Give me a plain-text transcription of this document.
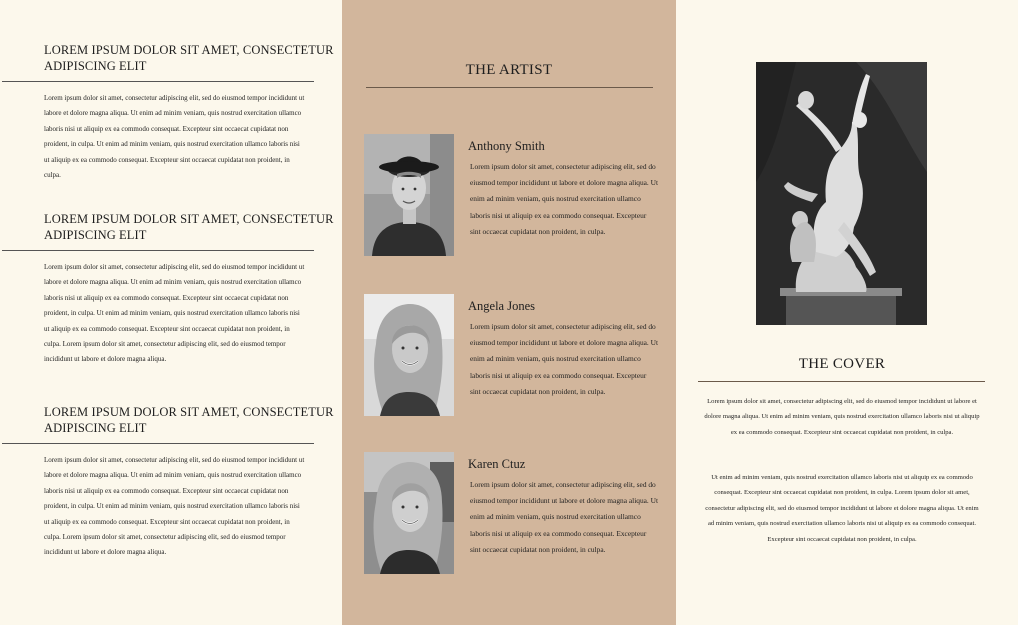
LOREM IPSUM DOLOR SIT AMET, CONSECTETUR ADIPISCING ELIT

Lorem ipsum dolor sit amet, consectetur adipiscing elit, sed do eiusmod tempor incididunt ut labore et dolore magna aliqua. Ut enim ad minim veniam, quis nostrud exercitation ullamco laboris nisi ut aliquip ex ea commodo consequat. Excepteur sint occaecat cupidatat non proident, in culpa. Ut enim ad minim veniam, quis nostrud exercitation ullamco laboris nisi ut aliquip ex ea commodo consequat. Excepteur sint occaecat cupidatat non proident, in culpa.

LOREM IPSUM DOLOR SIT AMET, CONSECTETUR ADIPISCING ELIT

Lorem ipsum dolor sit amet, consectetur adipiscing elit, sed do eiusmod tempor incididunt ut labore et dolore magna aliqua. Ut enim ad minim veniam, quis nostrud exercitation ullamco laboris nisi ut aliquip ex ea commodo consequat. Excepteur sint occaecat cupidatat non proident, in culpa. Ut enim ad minim veniam, quis nostrud exercitation ullamco laboris nisi ut aliquip ex ea commodo consequat. Excepteur sint occaecat cupidatat non proident, in culpa. Lorem ipsum dolor sit amet, consectetur adipiscing elit, sed do eiusmod tempor incididunt ut labore et dolore magna aliqua.

LOREM IPSUM DOLOR SIT AMET, CONSECTETUR ADIPISCING ELIT

Lorem ipsum dolor sit amet, consectetur adipiscing elit, sed do eiusmod tempor incididunt ut labore et dolore magna aliqua. Ut enim ad minim veniam, quis nostrud exercitation ullamco laboris nisi ut aliquip ex ea commodo consequat. Excepteur sint occaecat cupidatat non proident, in culpa. Ut enim ad minim veniam, quis nostrud exercitation ullamco laboris nisi ut aliquip ex ea commodo consequat. Excepteur sint occaecat cupidatat non proident, in culpa. Lorem ipsum dolor sit amet, consectetur adipiscing elit, sed do eiusmod tempor incididunt ut labore et dolore magna aliqua.

THE ARTIST
Anthony Smith

Lorem ipsum dolor sit amet, consectetur adipiscing elit, sed do eiusmod tempor incididunt ut labore et dolore magna aliqua. Ut enim ad minim veniam, quis nostrud exercitation ullamco laboris nisi ut aliquip ex ea commodo consequat. Excepteur sint occaecat cupidatat non proident, in culpa.

Angela Jones

Lorem ipsum dolor sit amet, consectetur adipiscing elit, sed do eiusmod tempor incididunt ut labore et dolore magna aliqua. Ut enim ad minim veniam, quis nostrud exercitation ullamco laboris nisi ut aliquip ex ea commodo consequat. Excepteur sint occaecat cupidatat non proident, in culpa.

Karen Ctuz

Lorem ipsum dolor sit amet, consectetur adipiscing elit, sed do eiusmod tempor incididunt ut labore et dolore magna aliqua. Ut enim ad minim veniam, quis nostrud exercitation ullamco laboris nisi ut aliquip ex ea commodo consequat. Excepteur sint occaecat cupidatat non proident, in culpa.

THE COVER

Lorem ipsum dolor sit amet, consectetur adipiscing elit, sed do eiusmod tempor incididunt ut labore et dolore magna aliqua. Ut enim ad minim veniam, quis nostrud exercitation ullamco laboris nisi ut aliquip ex ea commodo consequat. Excepteur sint occaecat cupidatat non proident, in culpa.

Ut enim ad minim veniam, quis nostrud exercitation ullamco laboris nisi ut aliquip ex ea commodo consequat. Excepteur sint occaecat cupidatat non proident, in culpa. Lorem ipsum dolor sit amet, consectetur adipiscing elit, sed do eiusmod tempor incididunt ut labore et dolore magna aliqua. Ut enim ad minim veniam, quis nostrud exercitation ullamco laboris nisi ut aliquip ex ea commodo consequat. Excepteur sint occaecat cupidatat non proident, in culpa.
